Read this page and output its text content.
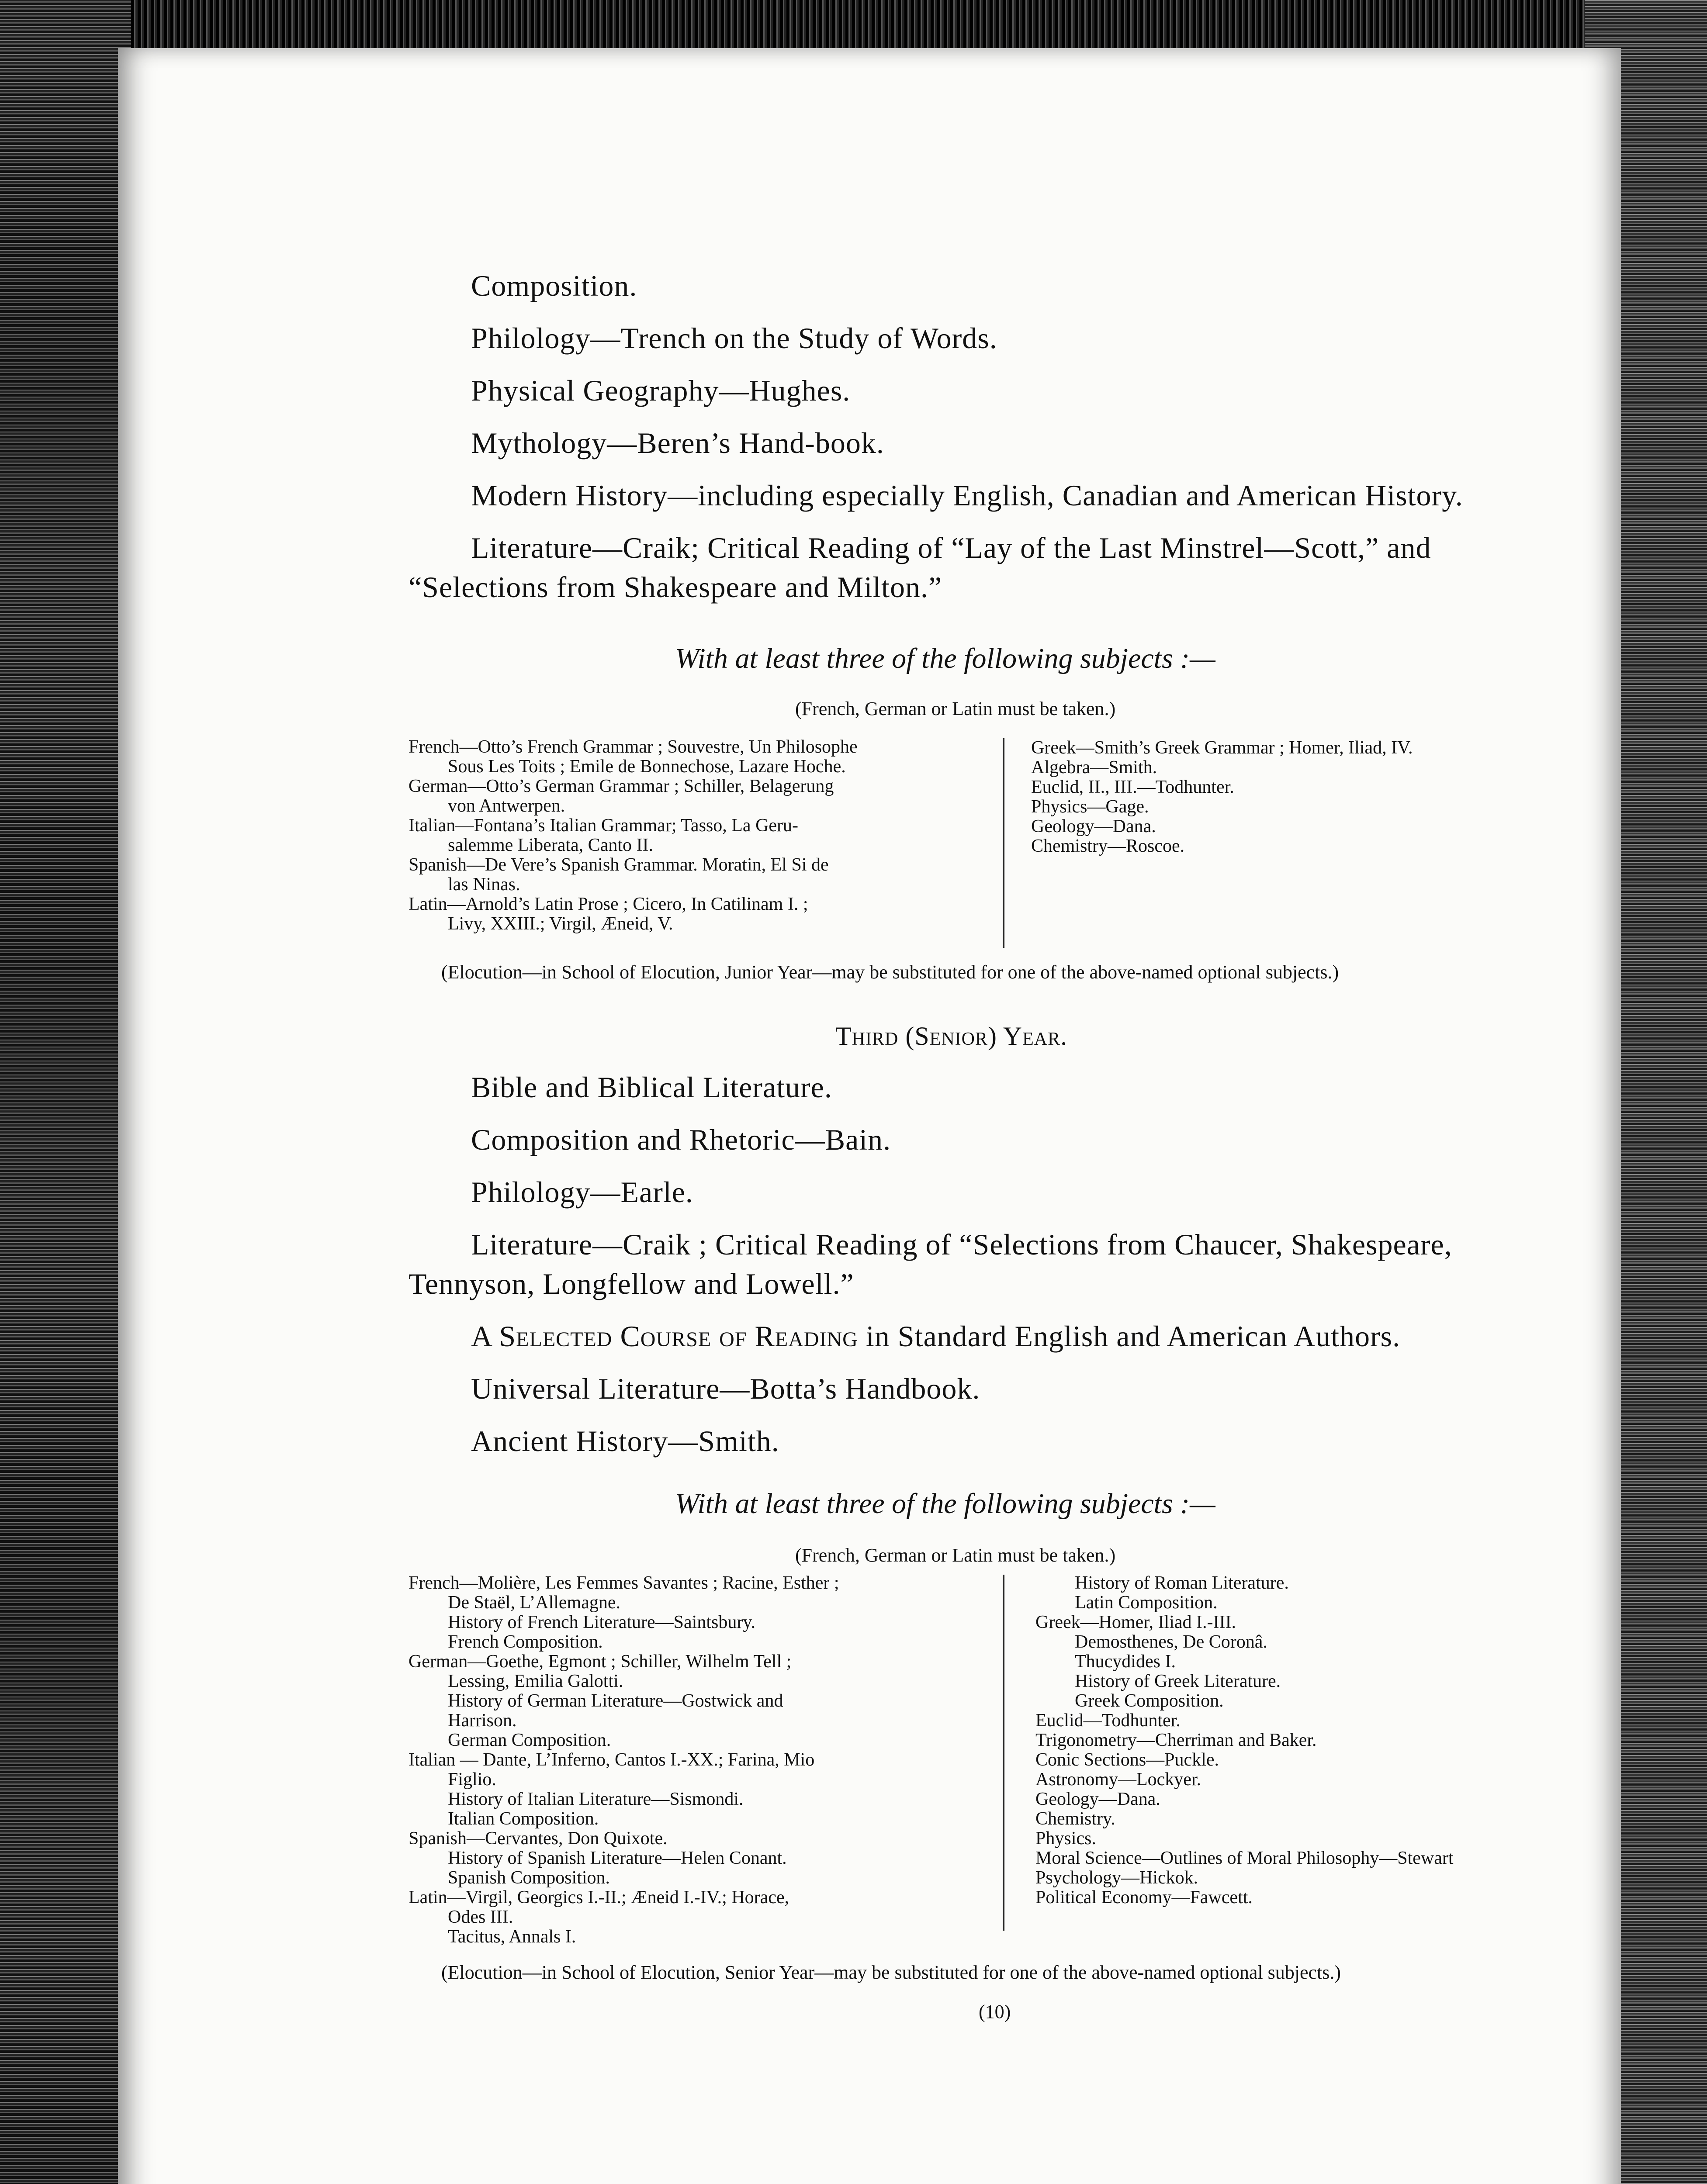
Composition.
Philology—Trench on the Study of Words.
Physical Geography—Hughes.
Mythology—Beren’s Hand-book.
Modern History—including especially English, Canadian and American History.
Literature—Craik; Critical Reading of “Lay of the Last Minstrel—Scott,” and
“Selections from Shakespeare and Milton.”
With at least three of the following subjects :—
(French, German or Latin must be taken.)
French—Otto’s French Grammar ; Souvestre, Un Philosophe
Sous Les Toits ; Emile de Bonnechose, Lazare Hoche.
German—Otto’s German Grammar ; Schiller, Belagerung
von Antwerpen.
Italian—Fontana’s Italian Grammar; Tasso, La Geru-
salemme Liberata, Canto II.
Spanish—De Vere’s Spanish Grammar. Moratin, El Si de
las Ninas.
Latin—Arnold’s Latin Prose ; Cicero, In Catilinam I. ;
Livy, XXIII.; Virgil, Æneid, V.
Greek—Smith’s Greek Grammar ; Homer, Iliad, IV.
Algebra—Smith.
Euclid, II., III.—Todhunter.
Physics—Gage.
Geology—Dana.
Chemistry—Roscoe.
(Elocution—in School of Elocution, Junior Year—may be substituted for one of the above-named optional subjects.)
Third (Senior) Year.
Bible and Biblical Literature.
Composition and Rhetoric—Bain.
Philology—Earle.
Literature—Craik ; Critical Reading of “Selections from Chaucer, Shakespeare,
Tennyson, Longfellow and Lowell.”
A Selected Course of Reading in Standard English and American Authors.
Universal Literature—Botta’s Handbook.
Ancient History—Smith.
With at least three of the following subjects :—
(French, German or Latin must be taken.)
French—Molière, Les Femmes Savantes ; Racine, Esther ;
De Staël, L’Allemagne.
History of French Literature—Saintsbury.
French Composition.
German—Goethe, Egmont ; Schiller, Wilhelm Tell ;
Lessing, Emilia Galotti.
History of German Literature—Gostwick and
Harrison.
German Composition.
Italian — Dante, L’Inferno, Cantos I.-XX.; Farina, Mio
Figlio.
History of Italian Literature—Sismondi.
Italian Composition.
Spanish—Cervantes, Don Quixote.
History of Spanish Literature—Helen Conant.
Spanish Composition.
Latin—Virgil, Georgics I.-II.; Æneid I.-IV.; Horace,
Odes III.
Tacitus, Annals I.
History of Roman Literature.
Latin Composition.
Greek—Homer, Iliad I.-III.
Demosthenes, De Coronâ.
Thucydides I.
History of Greek Literature.
Greek Composition.
Euclid—Todhunter.
Trigonometry—Cherriman and Baker.
Conic Sections—Puckle.
Astronomy—Lockyer.
Geology—Dana.
Chemistry.
Physics.
Moral Science—Outlines of Moral Philosophy—Stewart
Psychology—Hickok.
Political Economy—Fawcett.
(Elocution—in School of Elocution, Senior Year—may be substituted for one of the above-named optional subjects.)
(10)
